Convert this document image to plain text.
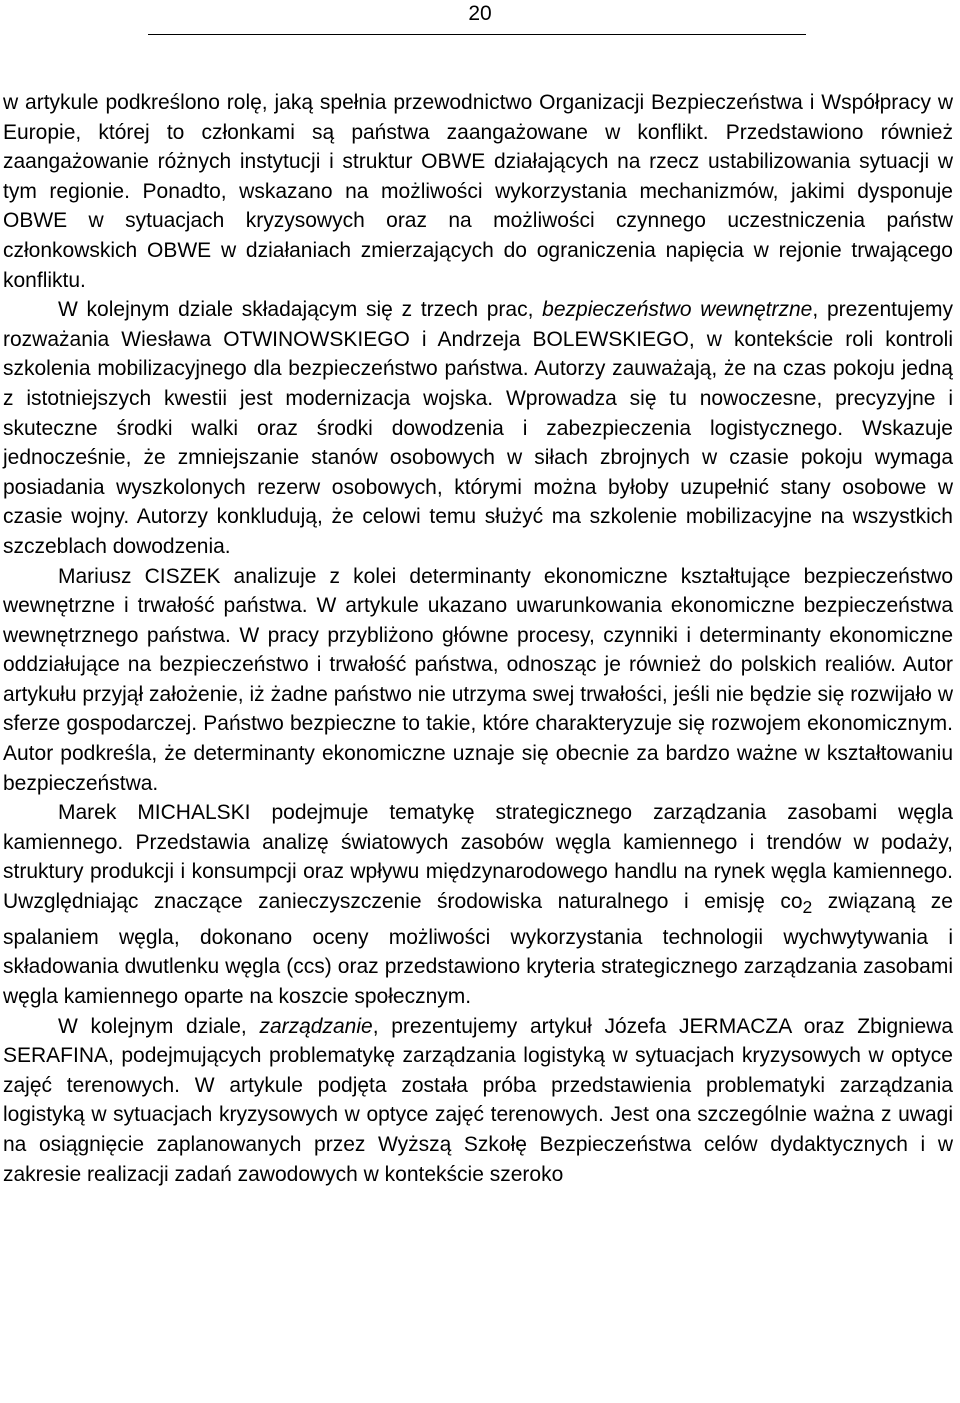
20

w artykule podkreślono rolę, jaką spełnia przewodnictwo Organizacji Bezpieczeństwa i Współpracy w Europie, której to członkami są państwa zaangażowane w konflikt. Przedstawiono również zaangażowanie różnych instytucji i struktur OBWE działających na rzecz ustabilizowania sytuacji w tym regionie. Ponadto, wskazano na możliwości wykorzystania mechanizmów, jakimi dysponuje OBWE w sytuacjach kryzysowych oraz na możliwości czynnego uczestniczenia państw członkowskich OBWE w działaniach zmierzających do ograniczenia napięcia w rejonie trwającego konfliktu.

W kolejnym dziale składającym się z trzech prac, bezpieczeństwo wewnętrzne, prezentujemy rozważania Wiesława OTWINOWSKIEGO i Andrzeja BOLEWSKIEGO, w kontekście roli kontroli szkolenia mobilizacyjnego dla bezpieczeństwo państwa. Autorzy zauważają, że na czas pokoju jedną z istotniejszych kwestii jest modernizacja wojska. Wprowadza się tu nowoczesne, precyzyjne i skuteczne środki walki oraz środki dowodzenia i zabezpieczenia logistycznego. Wskazuje jednocześnie, że zmniejszanie stanów osobowych w siłach zbrojnych w czasie pokoju wymaga posiadania wyszkolonych rezerw osobowych, którymi można byłoby uzupełnić stany osobowe w czasie wojny. Autorzy konkludują, że celowi temu służyć ma szkolenie mobilizacyjne na wszystkich szczeblach dowodzenia.

Mariusz CISZEK analizuje z kolei determinanty ekonomiczne kształtujące bezpieczeństwo wewnętrzne i trwałość państwa. W artykule ukazano uwarunkowania ekonomiczne bezpieczeństwa wewnętrznego państwa. W pracy przybliżono główne procesy, czynniki i determinanty ekonomiczne oddziałujące na bezpieczeństwo i trwałość państwa, odnosząc je również do polskich realiów. Autor artykułu przyjął założenie, iż żadne państwo nie utrzyma swej trwałości, jeśli nie będzie się rozwijało w sferze gospodarczej. Państwo bezpieczne to takie, które charakteryzuje się rozwojem ekonomicznym. Autor podkreśla, że determinanty ekonomiczne uznaje się obecnie za bardzo ważne w kształtowaniu bezpieczeństwa.

Marek MICHALSKI podejmuje tematykę strategicznego zarządzania zasobami węgla kamiennego. Przedstawia analizę światowych zasobów węgla kamiennego i trendów w podaży, struktury produkcji i konsumpcji oraz wpływu międzynarodowego handlu na rynek węgla kamiennego. Uwzględniając znaczące zanieczyszczenie środowiska naturalnego i emisję $co_2$ związaną ze spalaniem węgla, dokonano oceny możliwości wykorzystania technologii wychwytywania i składowania dwutlenku węgla (ccs) oraz przedstawiono kryteria strategicznego zarządzania zasobami węgla kamiennego oparte na koszcie społecznym.

W kolejnym dziale, zarządzanie, prezentujemy artykuł Józefa JERMACZA oraz Zbigniewa SERAFINA, podejmujących problematykę zarządzania logistyką w sytuacjach kryzysowych w optyce zajęć terenowych. W artykule podjęta została próba przedstawienia problematyki zarządzania logistyką w sytuacjach kryzysowych w optyce zajęć terenowych. Jest ona szczególnie ważna z uwagi na osiągnięcie zaplanowanych przez Wyższą Szkołę Bezpieczeństwa celów dydaktycznych i w zakresie realizacji zadań zawodowych w kontekście szeroko
